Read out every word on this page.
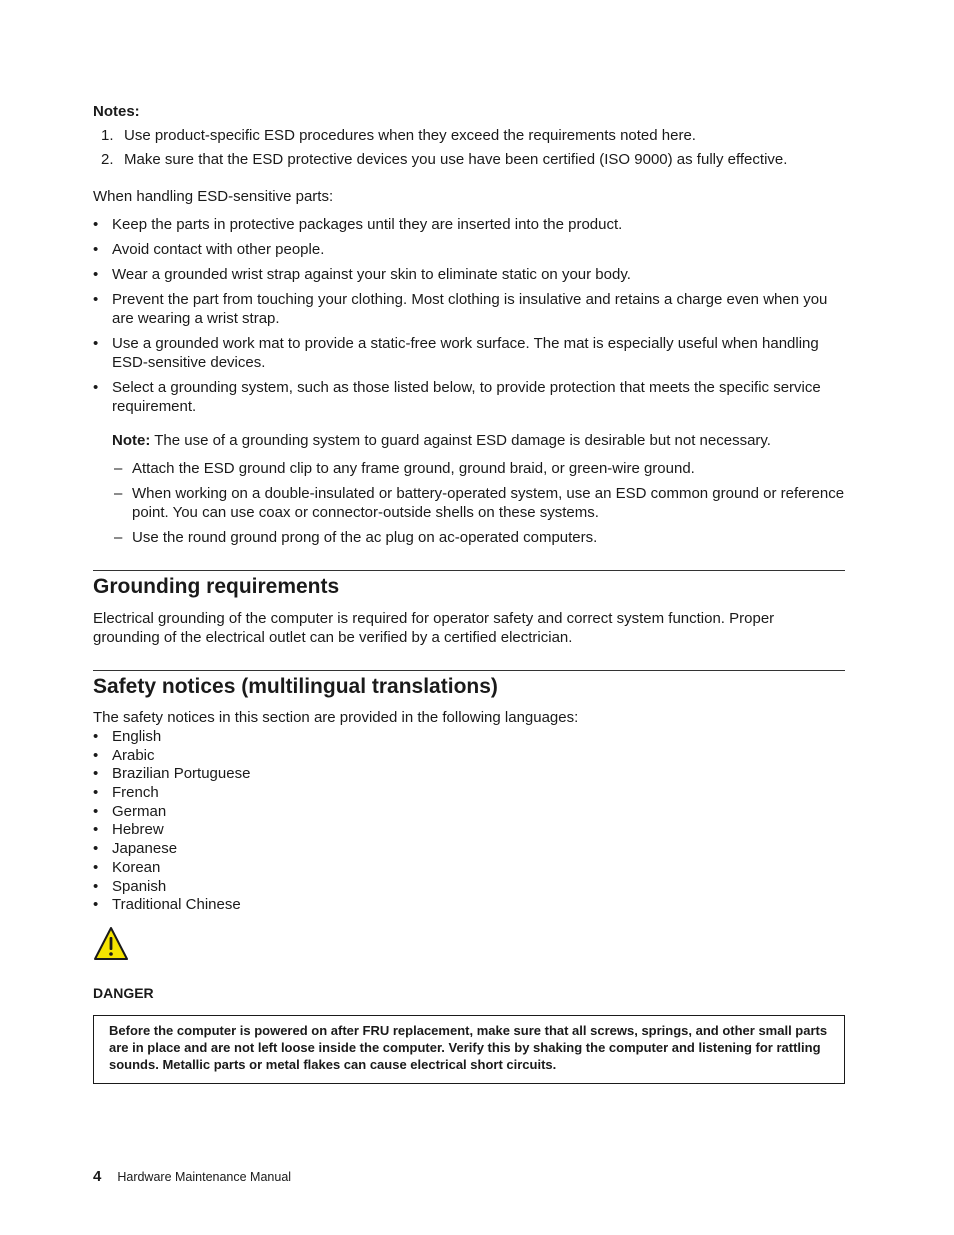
Notes:
1. Use product-specific ESD procedures when they exceed the requirements noted here.
2. Make sure that the ESD protective devices you use have been certified (ISO 9000) as fully effective.
When handling ESD-sensitive parts:
• Keep the parts in protective packages until they are inserted into the product.
• Avoid contact with other people.
• Wear a grounded wrist strap against your skin to eliminate static on your body.
• Prevent the part from touching your clothing. Most clothing is insulative and retains a charge even when you are wearing a wrist strap.
• Use a grounded work mat to provide a static-free work surface. The mat is especially useful when handling ESD-sensitive devices.
• Select a grounding system, such as those listed below, to provide protection that meets the specific service requirement.
Note: The use of a grounding system to guard against ESD damage is desirable but not necessary.
– Attach the ESD ground clip to any frame ground, ground braid, or green-wire ground.
– When working on a double-insulated or battery-operated system, use an ESD common ground or reference point. You can use coax or connector-outside shells on these systems.
– Use the round ground prong of the ac plug on ac-operated computers.
Grounding requirements
Electrical grounding of the computer is required for operator safety and correct system function. Proper grounding of the electrical outlet can be verified by a certified electrician.
Safety notices (multilingual translations)
The safety notices in this section are provided in the following languages:
• English
• Arabic
• Brazilian Portuguese
• French
• German
• Hebrew
• Japanese
• Korean
• Spanish
• Traditional Chinese
DANGER
Before the computer is powered on after FRU replacement, make sure that all screws, springs, and other small parts are in place and are not left loose inside the computer. Verify this by shaking the computer and listening for rattling sounds. Metallic parts or metal flakes can cause electrical short circuits.
4 Hardware Maintenance Manual
